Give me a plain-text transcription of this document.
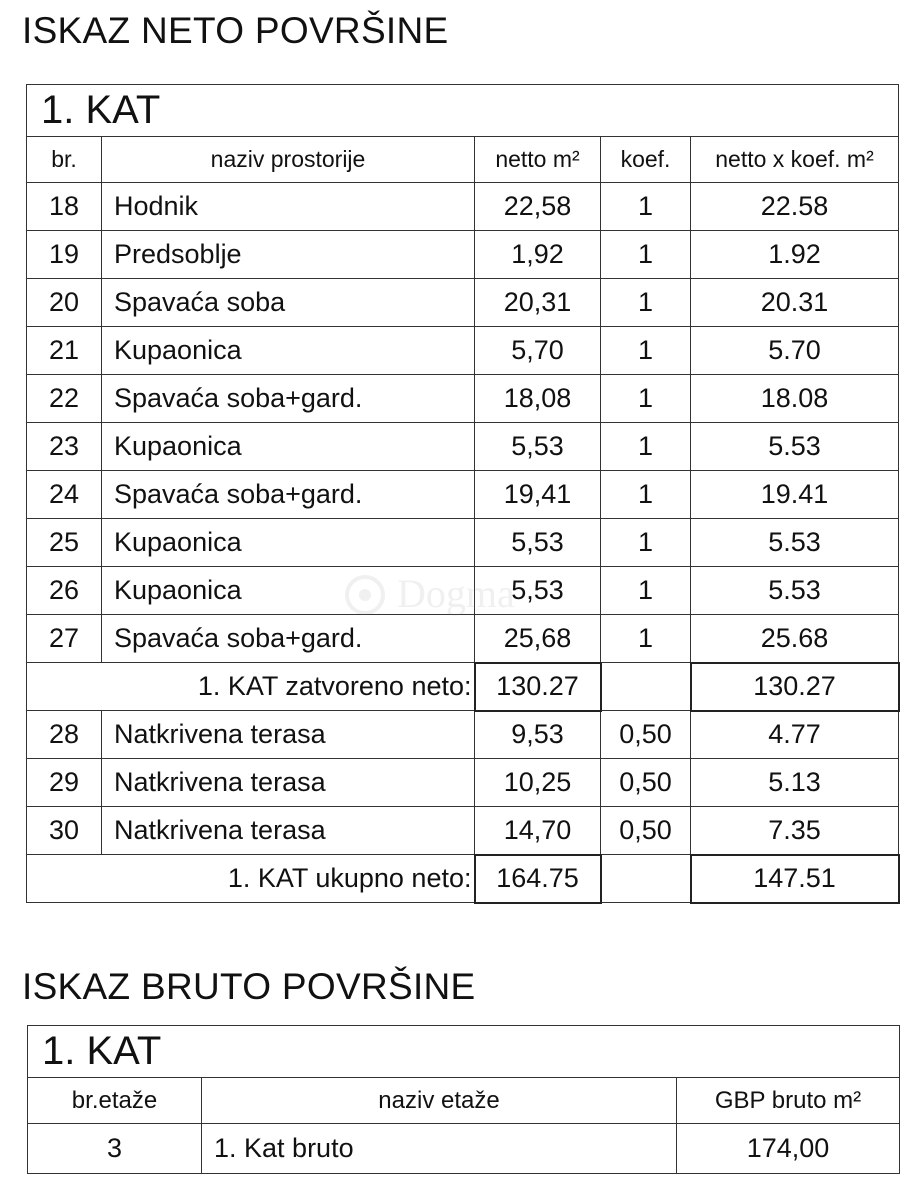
ISKAZ NETO POVRŠINE
1. KAT				
br.	naziv prostorije	netto m²	koef.	netto x koef. m²
18	Hodnik	22,58	1	22.58
19	Predsoblje	1,92	1	1.92
20	Spavaća soba	20,31	1	20.31
21	Kupaonica	5,70	1	5.70
22	Spavaća soba+gard.	18,08	1	18.08
23	Kupaonica	5,53	1	5.53
24	Spavaća soba+gard.	19,41	1	19.41
25	Kupaonica	5,53	1	5.53
26	Kupaonica	5,53	1	5.53
27	Spavaća soba+gard.	25,68	1	25.68
1. KAT zatvoreno neto:		130.27		130.27
28	Natkrivena terasa	9,53	0,50	4.77
29	Natkrivena terasa	10,25	0,50	5.13
30	Natkrivena terasa	14,70	0,50	7.35
1. KAT ukupno neto:		164.75		147.51
Dogma
ISKAZ BRUTO POVRŠINE
1. KAT		
br.etaže	naziv etaže	GBP bruto m²
3	1. Kat bruto	174,00
